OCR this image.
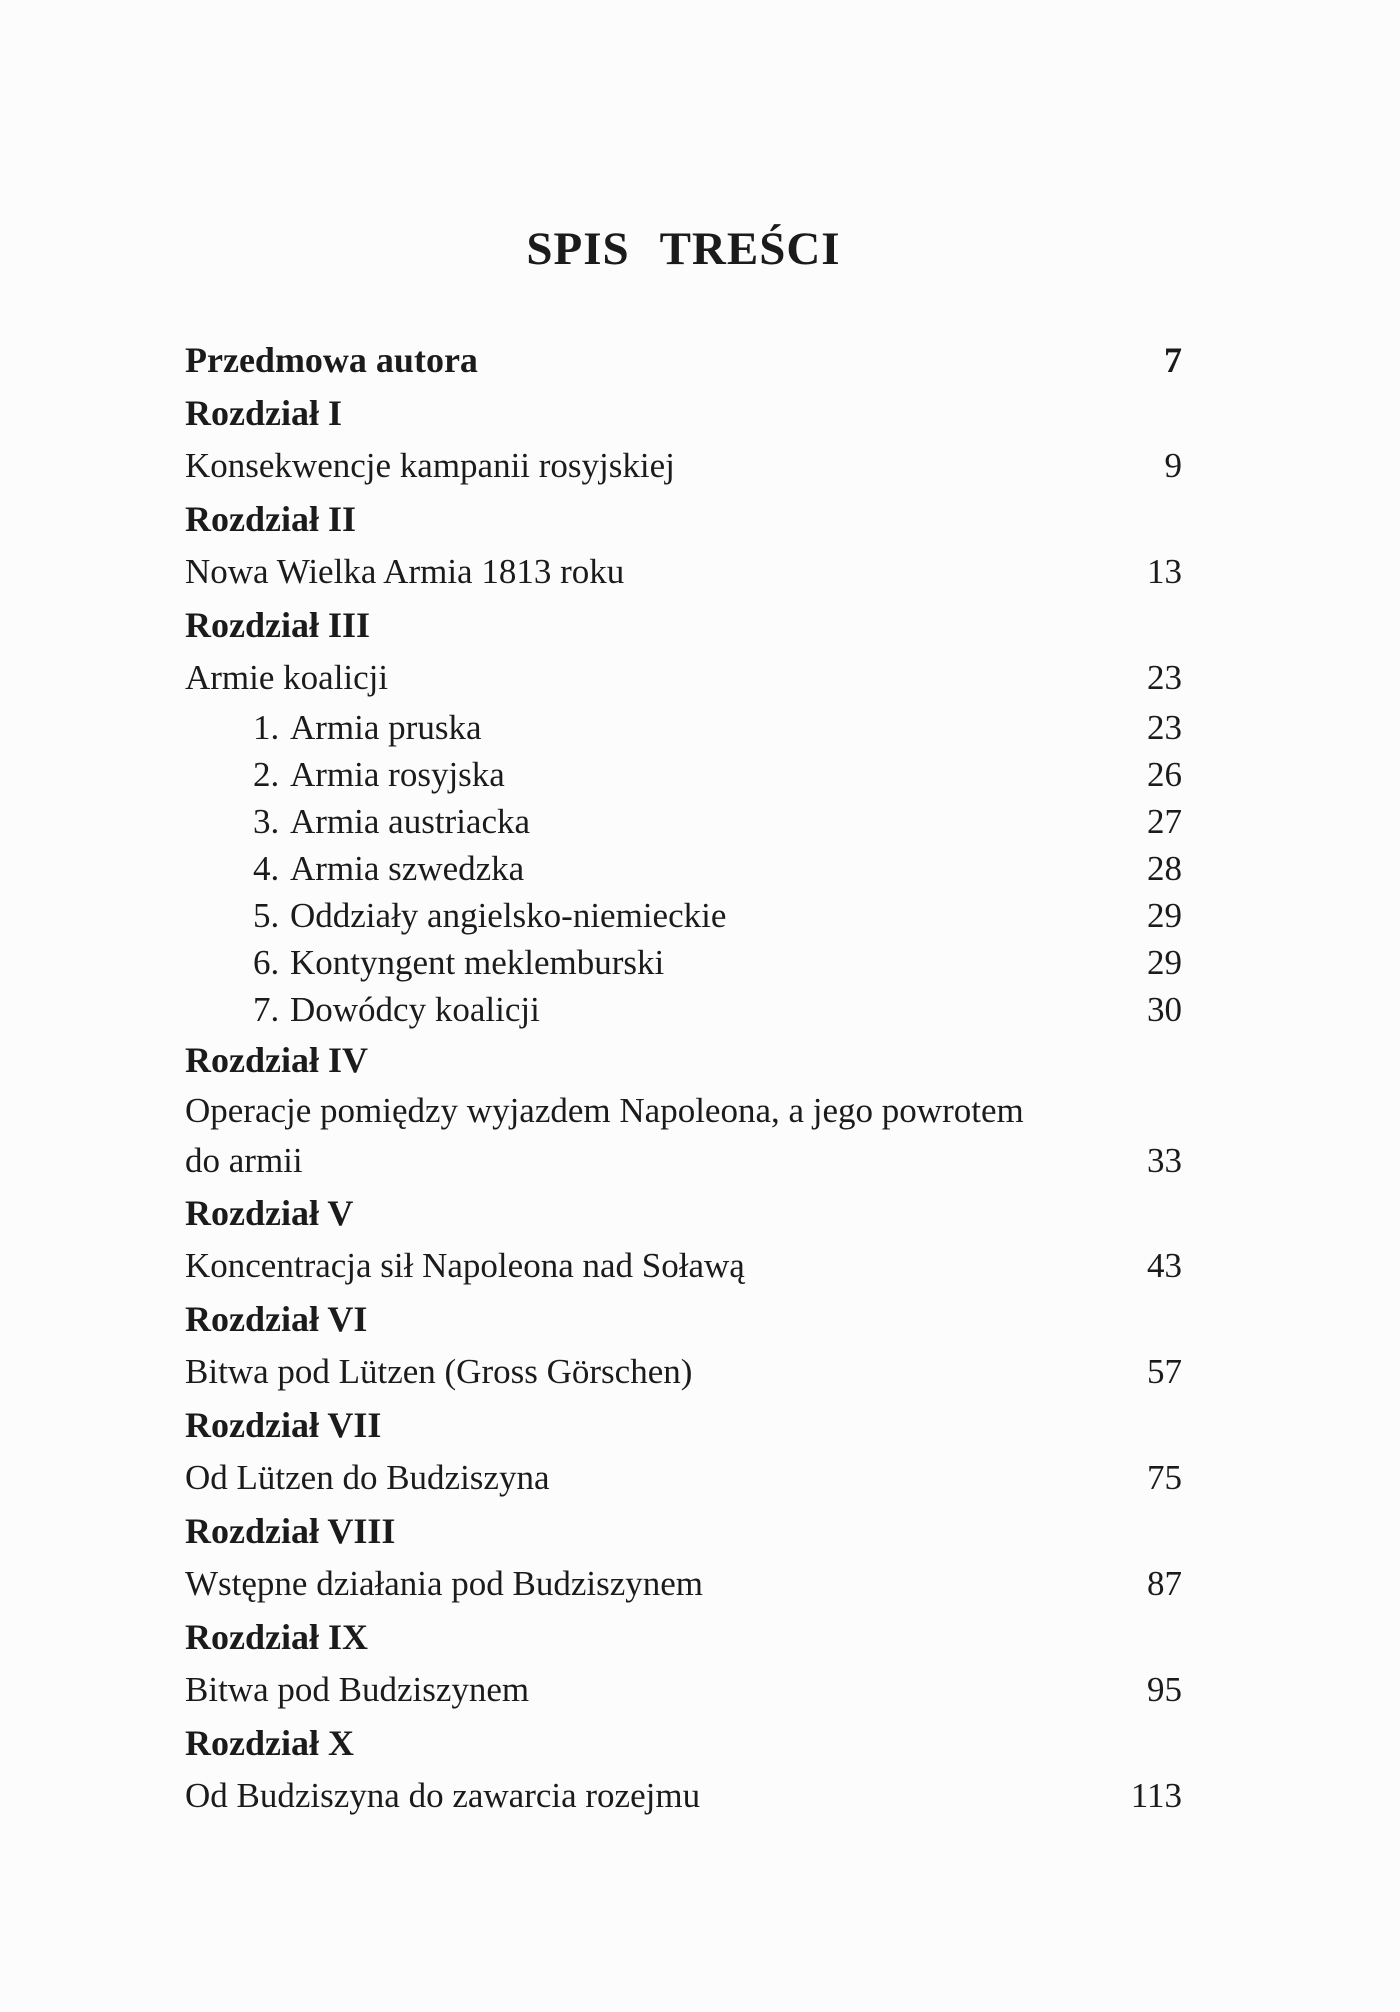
SPIS TREŚCI
Przedmowa autora	7
Rozdział I
Konsekwencje kampanii rosyjskiej	9
Rozdział II
Nowa Wielka Armia 1813 roku	13
Rozdział III
Armie koalicji	23
1. Armia pruska	23
2. Armia rosyjska	26
3. Armia austriacka	27
4. Armia szwedzka	28
5. Oddziały angielsko-niemieckie	29
6. Kontyngent meklemburski	29
7. Dowódcy koalicji	30
Rozdział IV
Operacje pomiędzy wyjazdem Napoleona, a jego powrotem
do armii	33
Rozdział V
Koncentracja sił Napoleona nad Soławą	43
Rozdział VI
Bitwa pod Lützen (Gross Görschen)	57
Rozdział VII
Od Lützen do Budziszyna	75
Rozdział VIII
Wstępne działania pod Budziszynem	87
Rozdział IX
Bitwa pod Budziszynem	95
Rozdział X
Od Budziszyna do zawarcia rozejmu	113
